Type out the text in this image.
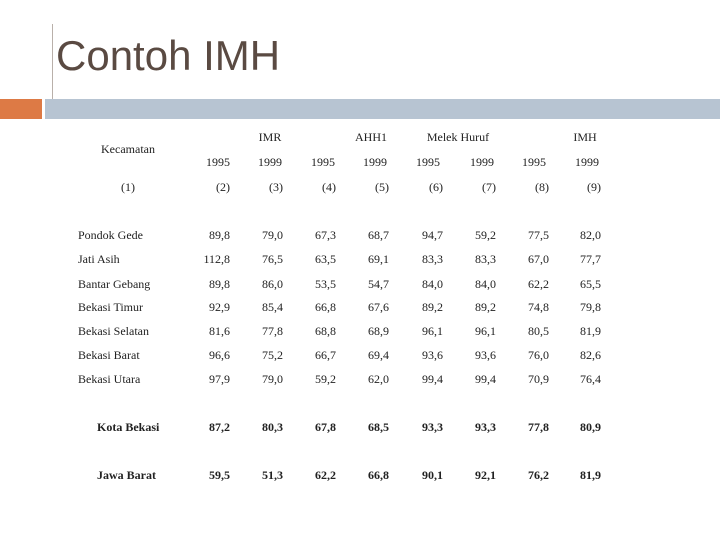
Contoh IMH
Kecamatan
IMR	AHH1	Melek Huruf	IMH
1995 1999 1995 1999 1995	1999 1995 1999
(1)	(2)	(3)	(4)	(5)	(6)	(7)	(8)	(9)
Pondok Gede	89,8	79,0	67,3	68,7	94,7	59,2	77,5	82,0
Jati Asih	112,8	76,5	63,5	69,1	83,3	83,3	67,0	77,7
Bantar Gebang	89,8	86,0	53,5	54,7	84,0	84,0	62,2	65,5
Bekasi Timur	92,9	85,4	66,8	67,6	89,2	89,2	74,8	79,8
Bekasi Selatan	81,6	77,8	68,8	68,9	96,1	96,1	80,5	81,9
Bekasi Barat	96,6	75,2	66,7	69,4	93,6	93,6	76,0	82,6
Bekasi Utara	97,9	79,0	59,2	62,0	99,4	99,4	70,9	76,4
Kota Bekasi	87,2	80,3	67,8	68,5	93,3	93,3	77,8	80,9
Jawa Barat	59,5	51,3	62,2	66,8	90,1	92,1	76,2	81,9
